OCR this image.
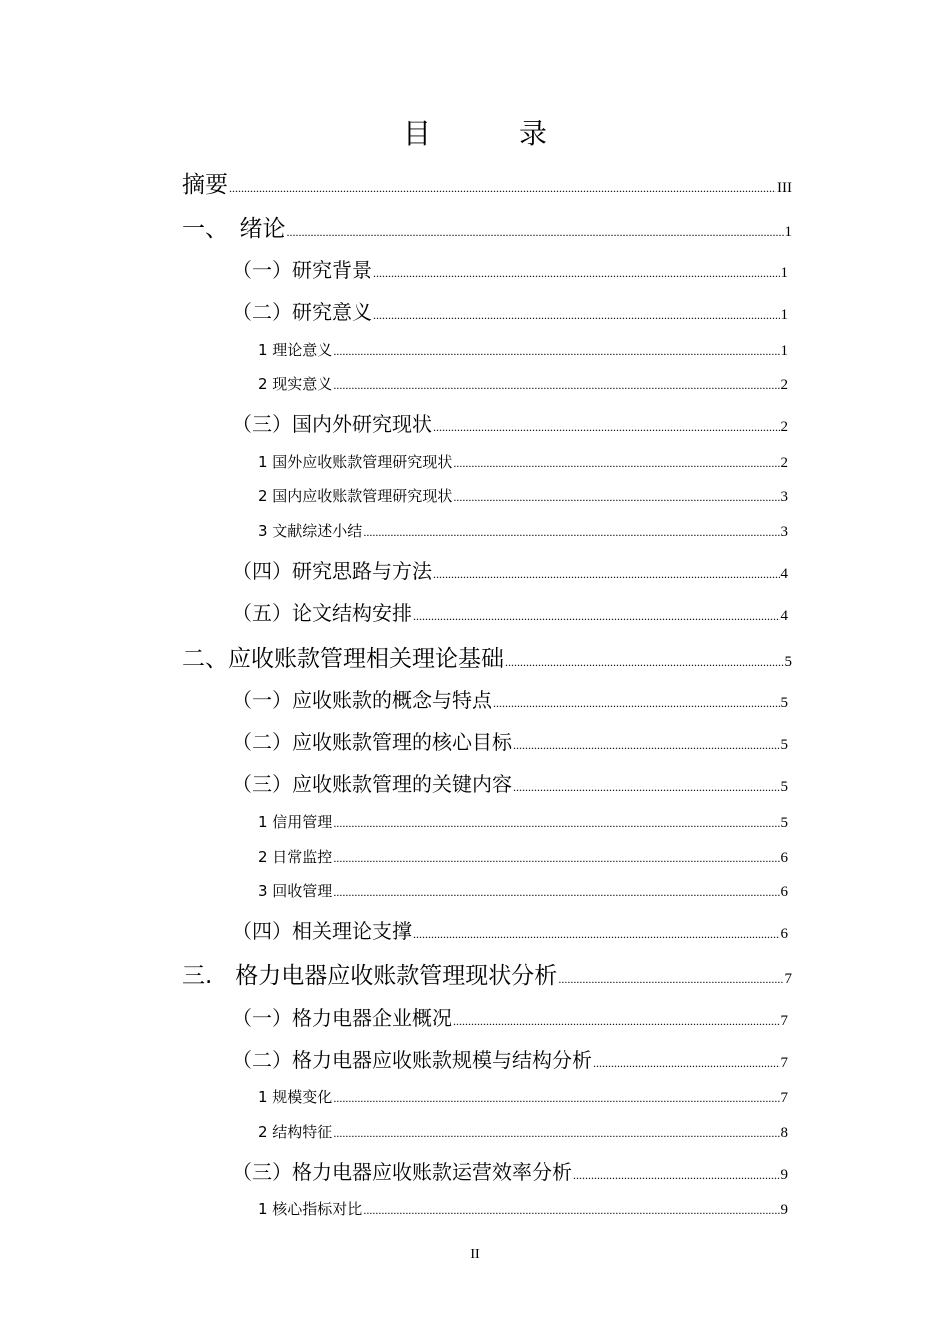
目　录
摘要 .....	III
一、　绪论 .....	1
（一）研究背景 .....	1
（二）研究意义 .....	1
1 理论意义 .....	1
2 现实意义 .....	2
（三）国内外研究现状 .....	2
1 国外应收账款管理研究现状 .....	2
2 国内应收账款管理研究现状 .....	3
3 文献综述小结 .....	3
（四）研究思路与方法 .....	4
（五）论文结构安排 .....	4
二、应收账款管理相关理论基础 .....	5
（一）应收账款的概念与特点 .....	5
（二）应收账款管理的核心目标 .....	5
（三）应收账款管理的关键内容 .....	5
1 信用管理 .....	5
2 日常监控 .....	6
3 回收管理 .....	6
（四）相关理论支撑 .....	6
三.　格力电器应收账款管理现状分析 .....	7
（一）格力电器企业概况 .....	7
（二）格力电器应收账款规模与结构分析 .....	7
1 规模变化 .....	7
2 结构特征 .....	8
（三）格力电器应收账款运营效率分析 .....	9
1 核心指标对比 .....	9
II
